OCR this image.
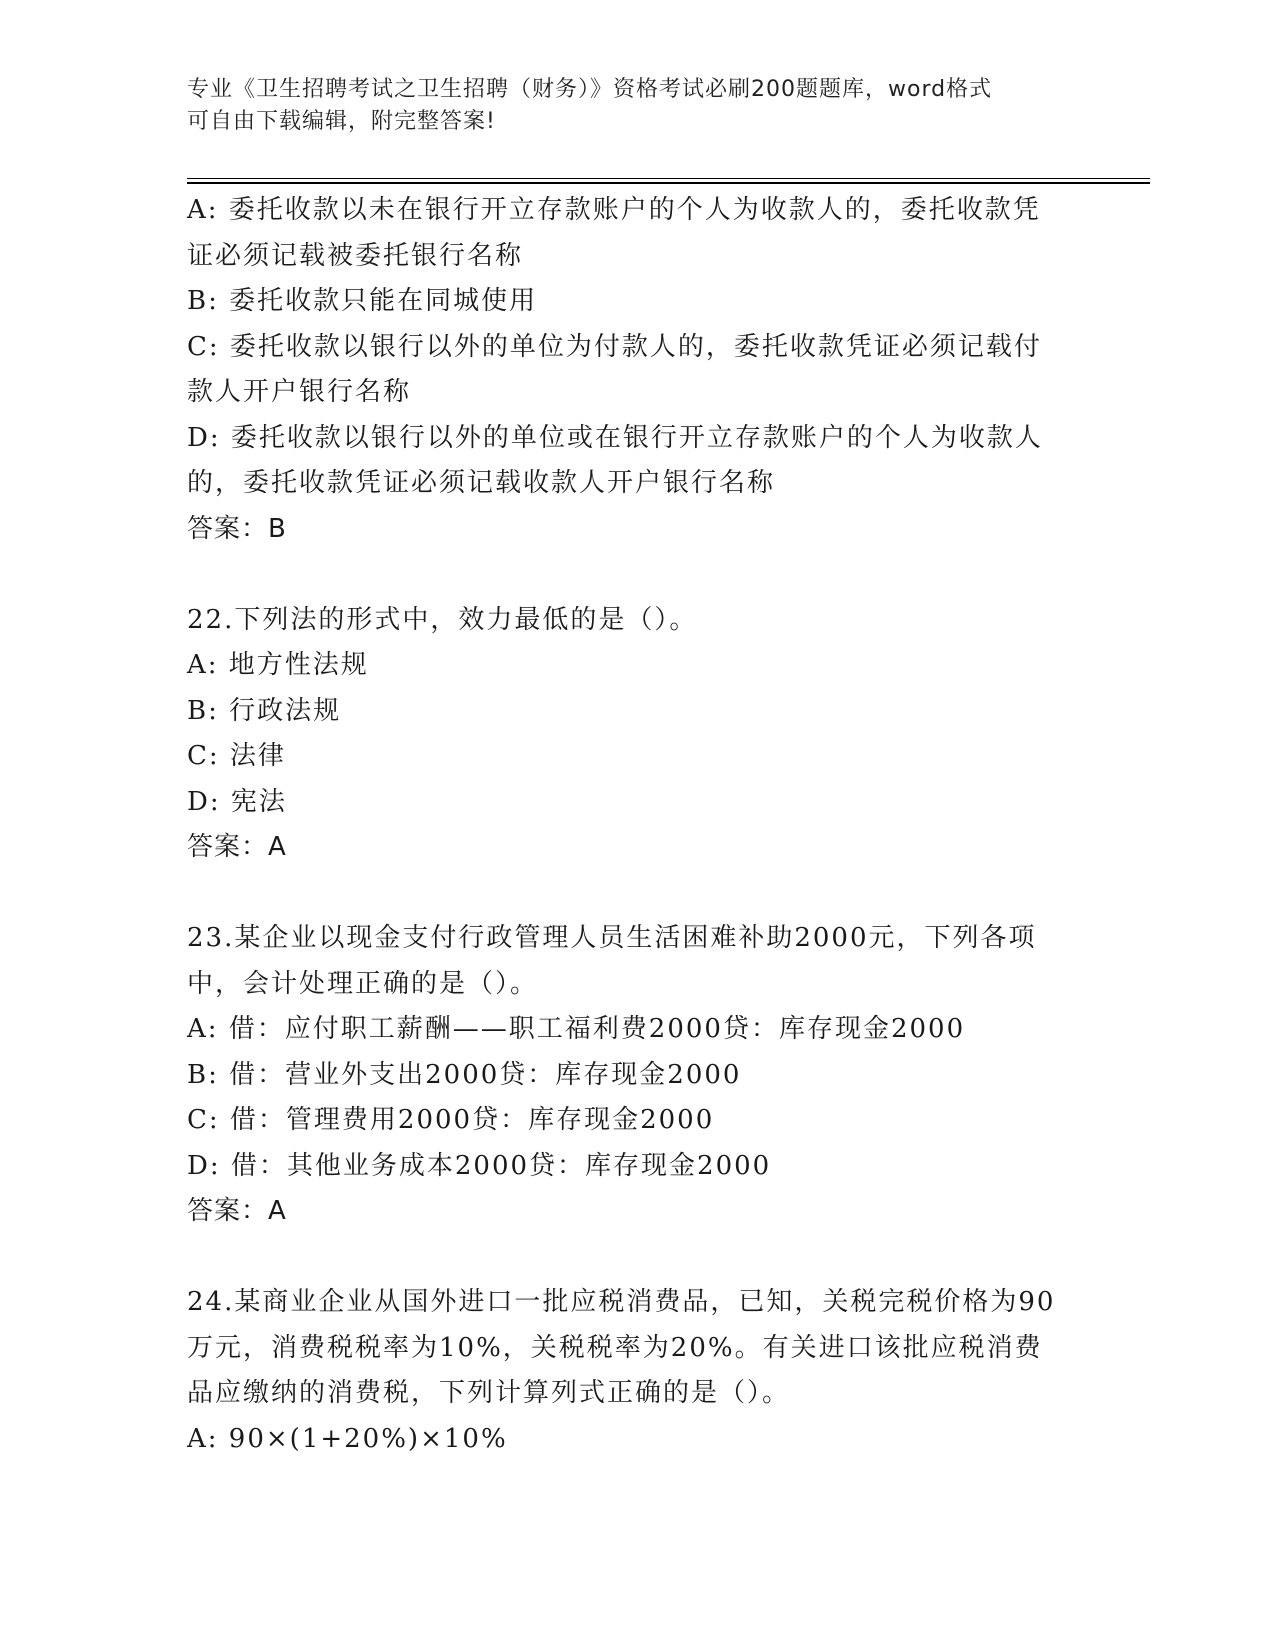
专业《卫生招聘考试之卫生招聘（财务）》资格考试必刷200题题库，word格式
可自由下载编辑，附完整答案!
A: 委托收款以未在银行开立存款账户的个人为收款人的，委托收款凭
证必须记载被委托银行名称
B: 委托收款只能在同城使用
C: 委托收款以银行以外的单位为付款人的，委托收款凭证必须记载付
款人开户银行名称
D: 委托收款以银行以外的单位或在银行开立存款账户的个人为收款人
的，委托收款凭证必须记载收款人开户银行名称
答案：B
22.下列法的形式中，效力最低的是（）。
A: 地方性法规
B: 行政法规
C: 法律
D: 宪法
答案：A
23.某企业以现金支付行政管理人员生活困难补助2000元，下列各项
中，会计处理正确的是（）。
A: 借：应付职工薪酬——职工福利费2000贷：库存现金2000
B: 借：营业外支出2000贷：库存现金2000
C: 借：管理费用2000贷：库存现金2000
D: 借：其他业务成本2000贷：库存现金2000
答案：A
24.某商业企业从国外进口一批应税消费品，已知，关税完税价格为90
万元，消费税税率为10%，关税税率为20%。有关进口该批应税消费
品应缴纳的消费税，下列计算列式正确的是（）。
A: 90×(1+20%)×10%
